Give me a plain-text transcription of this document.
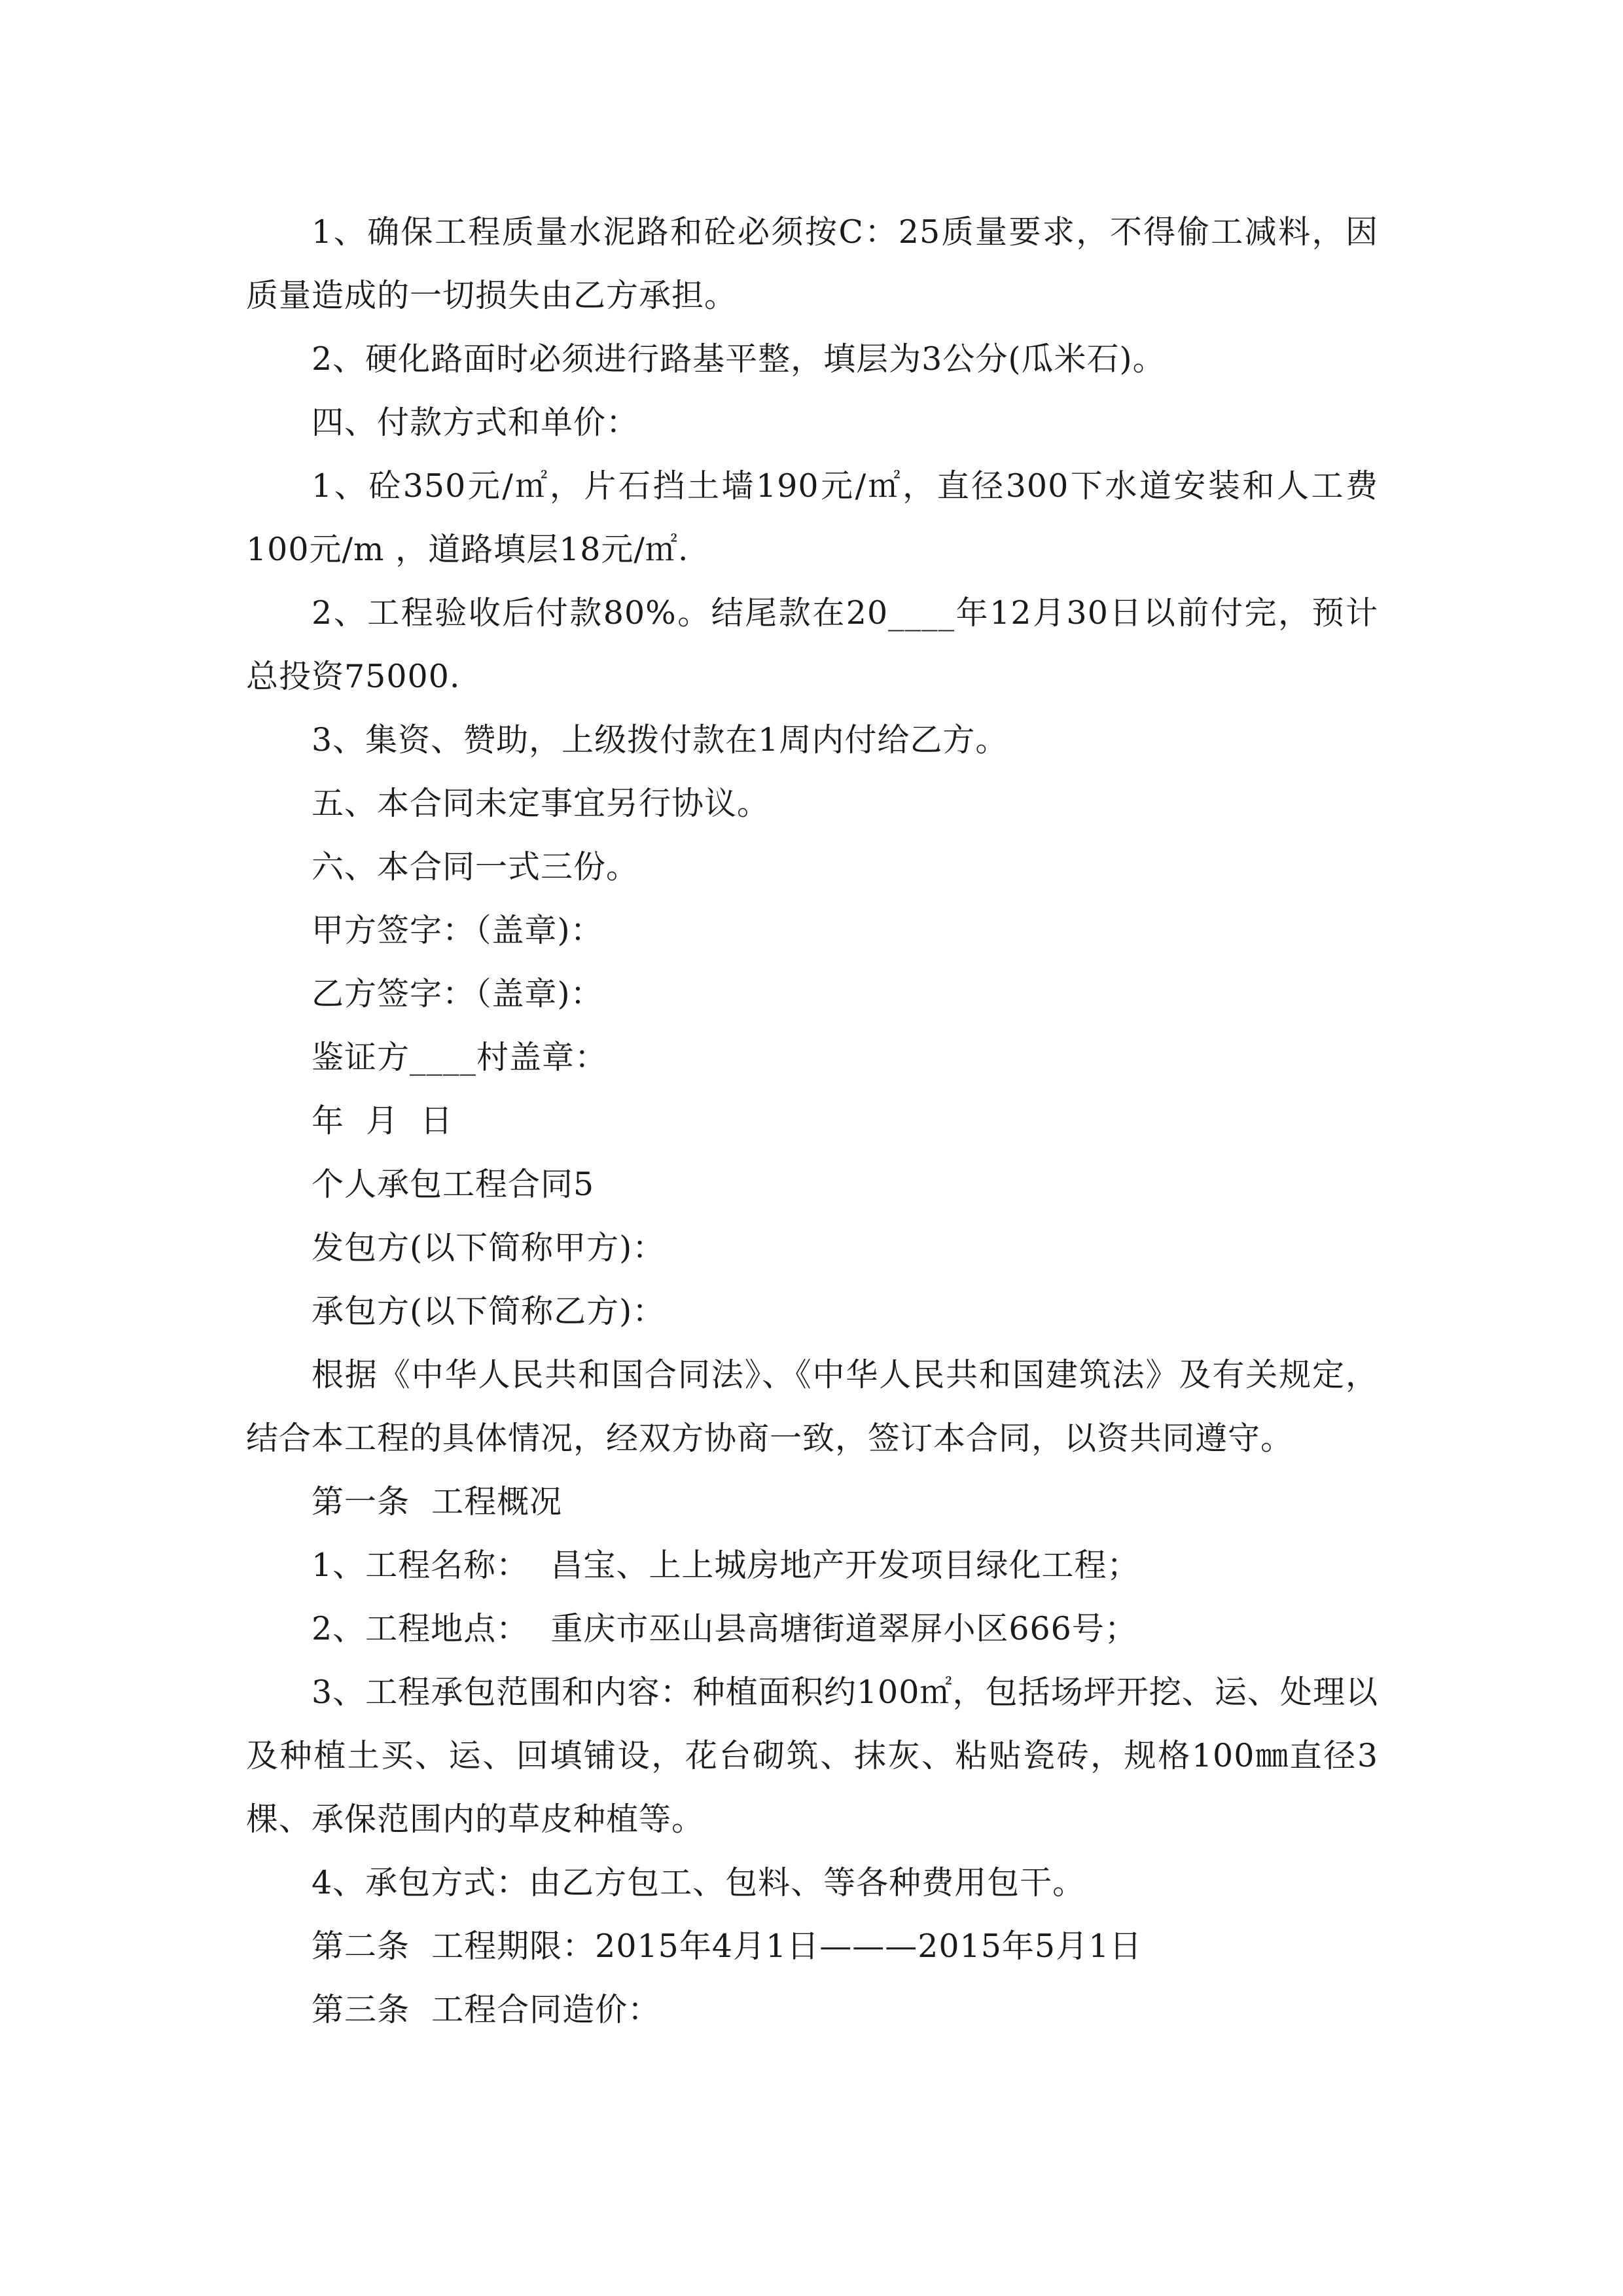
1、确保工程质量水泥路和砼必须按C：25质量要求，不得偷工减料，因质量造成的一切损失由乙方承担。

2、硬化路面时必须进行路基平整，填层为3公分(瓜米石)。

四、付款方式和单价：

1、砼350元/㎡，片石挡土墙190元/㎡，直径300下水道安装和人工费100元/m ，道路填层18元/㎡.

2、工程验收后付款80%。结尾款在20____年12月30日以前付完，预计总投资75000.

3、集资、赞助，上级拨付款在1周内付给乙方。

五、本合同未定事宜另行协议。

六、本合同一式三份。

甲方签字：（盖章)：

乙方签字：（盖章)：

鉴证方____村盖章：

年  月  日

个人承包工程合同5

发包方(以下简称甲方)：

承包方(以下简称乙方)：

根据《中华人民共和国合同法》、《中华人民共和国建筑法》及有关规定，结合本工程的具体情况，经双方协商一致，签订本合同，以资共同遵守。

第一条  工程概况

1、工程名称：  昌宝、上上城房地产开发项目绿化工程；

2、工程地点：  重庆市巫山县高塘街道翠屏小区666号；

3、工程承包范围和内容：种植面积约100㎡，包括场坪开挖、运、处理以及种植土买、运、回填铺设，花台砌筑、抹灰、粘贴瓷砖，规格100㎜直径3棵、承保范围内的草皮种植等。

4、承包方式：由乙方包工、包料、等各种费用包干。

第二条  工程期限：2015年4月1日———2015年5月1日

第三条  工程合同造价：
